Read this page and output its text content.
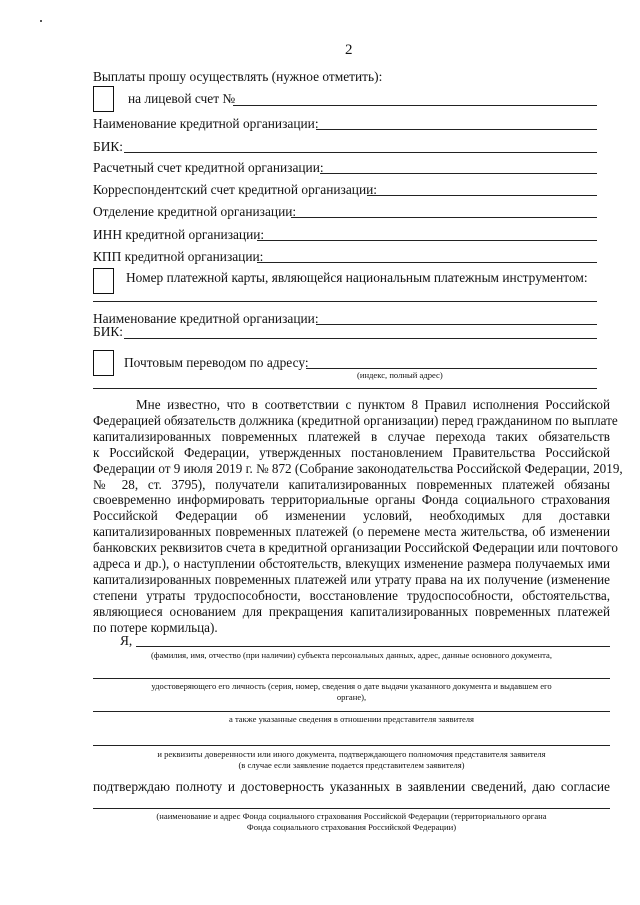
2
Выплаты прошу осуществлять (нужное отметить):
на лицевой счет №
Наименование кредитной организации:
БИК:
Расчетный счет кредитной организации:
Корреспондентский счет кредитной организации:
Отделение кредитной организации:
ИНН кредитной организации:
КПП кредитной организации:
Номер платежной карты, являющейся национальным платежным инструментом:
Наименование кредитной организации:
БИК:
Почтовым переводом по адресу:
(индекс, полный адрес)
Мне известно, что в соответствии с пунктом 8 Правил исполнения Российской
Федерацией обязательств должника (кредитной организации) перед гражданином по выплате
капитализированных повременных платежей в случае перехода таких обязательств
к Российской Федерации, утвержденных постановлением Правительства Российской
Федерации от 9 июля 2019 г. № 872 (Собрание законодательства Российской Федерации, 2019,
№ 28, ст. 3795), получатели капитализированных повременных платежей обязаны
своевременно информировать территориальные органы Фонда социального страхования
Российской Федерации об изменении условий, необходимых для доставки
капитализированных повременных платежей (о перемене места жительства, об изменении
банковских реквизитов счета в кредитной организации Российской Федерации или почтового
адреса и др.), о наступлении обстоятельств, влекущих изменение размера получаемых ими
капитализированных повременных платежей или утрату права на их получение (изменение
степени утраты трудоспособности, восстановление трудоспособности, обстоятельства,
являющиеся основанием для прекращения капитализированных повременных платежей
по потере кормильца).
Я,
(фамилия, имя, отчество (при наличии) субъекта персональных данных, адрес, данные основного документа,
удостоверяющего его личность (серия, номер, сведения о дате выдачи указанного документа и выдавшем его
органе),
а также указанные сведения в отношении представителя заявителя
и реквизиты доверенности или иного документа, подтверждающего полномочия представителя заявителя
(в случае если заявление подается представителем заявителя)
подтверждаю полноту и достоверность указанных в заявлении сведений, даю согласие
(наименование и адрес Фонда социального страхования Российской Федерации (территориального органа
Фонда социального страхования Российской Федерации)
